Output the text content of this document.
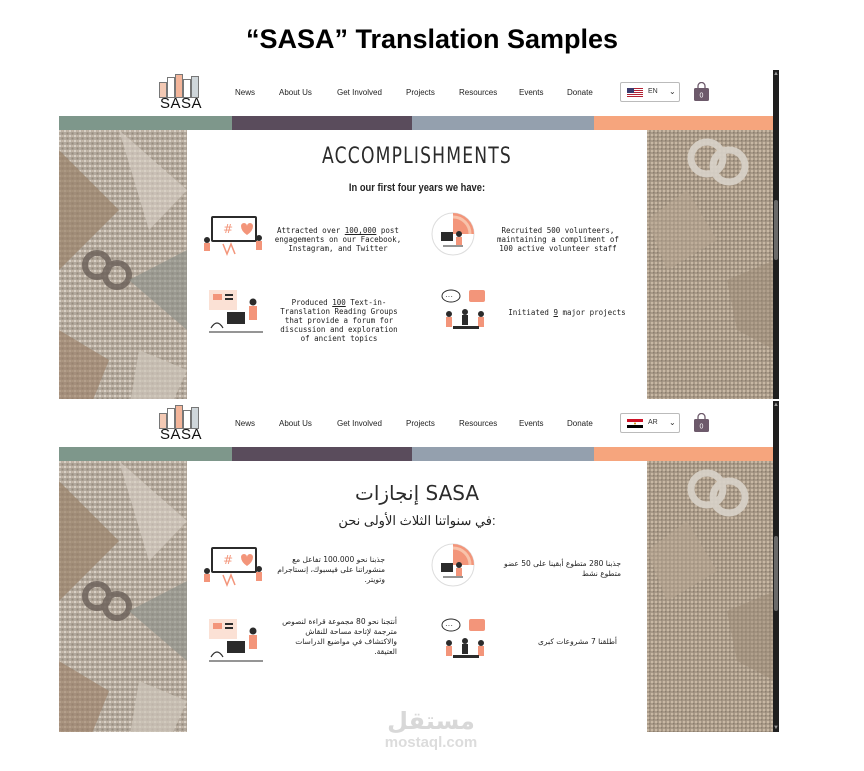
“SASA” Translation Samples
SASA
News	About Us	Get Involved	Projects	Resources	Events	Donate	EN ⌄	0
ACCOMPLISHMENTS
In our first four years we have:
#	Attracted over 100,000 post engagements on our Facebook, Instagram, and Twitter
Recruited 500 volunteers, maintaining a compliment of 100 active volunteer staff
Produced 100 Text-in-Translation Reading Groups that provide a forum for discussion and exploration of ancient topics
···
Initiated 9 major projects
▲
SASA
News	About Us	Get Involved	Projects	Resources	Events	Donate	AR ⌄	0
إنجازات SASA
في سنواتنا الثلاث الأولى نحن:
#	جذبنا نحو 100.000 تفاعل مع منشوراتنا على فيسبوك، إنستاجرام وتويتر.
جذبنا 280 متطوع أبقينا على 50 عضو متطوع نشط
أنتجنا نحو 80 مجموعة قراءة لنصوص مترجمة لإتاحة مساحة للنقاش والاكتشاف في مواضيع الدراسات العتيقة.
···
أطلقنا 7 مشروعات كبرى
▲
▼
مستقل
mostaql.com
